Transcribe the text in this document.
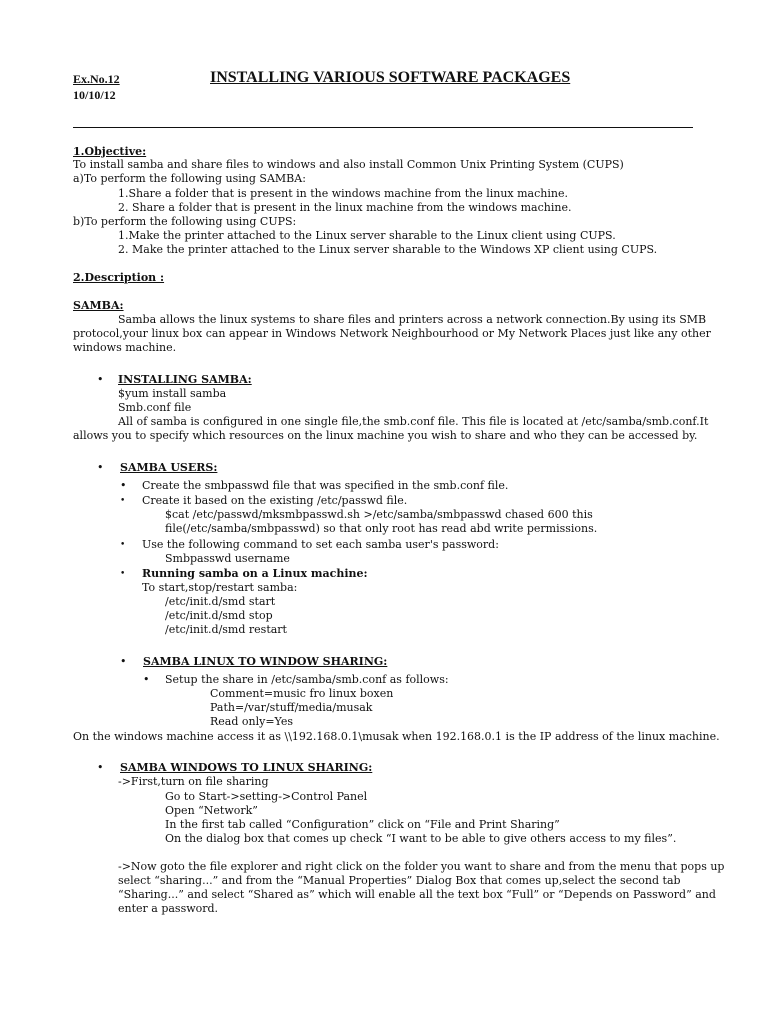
Ex.No.12	INSTALLING VARIOUS SOFTWARE PACKAGES
10/10/12
1.Objective:
To install samba and share files to windows and also install Common Unix Printing System (CUPS)
a)To perform the following using SAMBA:
1.Share a folder that is present in the windows machine from the linux machine.
2. Share a folder that is present in the linux machine from the windows machine.
b)To perform the following using CUPS:
1.Make the printer attached to the Linux server sharable to the Linux client using CUPS.
2. Make the printer attached to the Linux server sharable to the Windows XP client using CUPS.
2.Description :
SAMBA:
Samba allows the linux systems to share files and printers across a network connection.By using its SMB
protocol,your linux box can appear in Windows Network Neighbourhood or My Network Places just like any other
windows machine.
• INSTALLING SAMBA:
$yum install samba
Smb.conf file
All of samba is configured in one single file,the smb.conf file. This file is located at /etc/samba/smb.conf.It
allows you to specify which resources on the linux machine you wish to share and who they can be accessed by.
• SAMBA USERS:
• Create the smbpasswd file that was specified in the smb.conf file.
• Create it based on the existing /etc/passwd file.
$cat /etc/passwd/mksmbpasswd.sh >/etc/samba/smbpasswd chased 600 this
file(/etc/samba/smbpasswd) so that only root has read abd write permissions.
• Use the following command to set each samba user's password:
Smbpasswd username
• Running samba on a Linux machine:
To start,stop/restart samba:
/etc/init.d/smd start
/etc/init.d/smd stop
/etc/init.d/smd restart
• SAMBA LINUX TO WINDOW SHARING:
• Setup the share in /etc/samba/smb.conf as follows:
Comment=music fro linux boxen
Path=/var/stuff/media/musak
Read only=Yes
On the windows machine access it as \\192.168.0.1\musak when 192.168.0.1 is the IP address of the linux machine.
• SAMBA WINDOWS TO LINUX SHARING:
->First,turn on file sharing
Go to Start->setting->Control Panel
Open “Network”
In the first tab called “Configuration” click on “File and Print Sharing”
On the dialog box that comes up check “I want to be able to give others access to my files”.
->Now goto the file explorer and right click on the folder you want to share and from the menu that pops up
select “sharing...” and from the “Manual Properties” Dialog Box that comes up,select the second tab
“Sharing...” and select “Shared as” which will enable all the text box “Full” or “Depends on Password” and
enter a password.
